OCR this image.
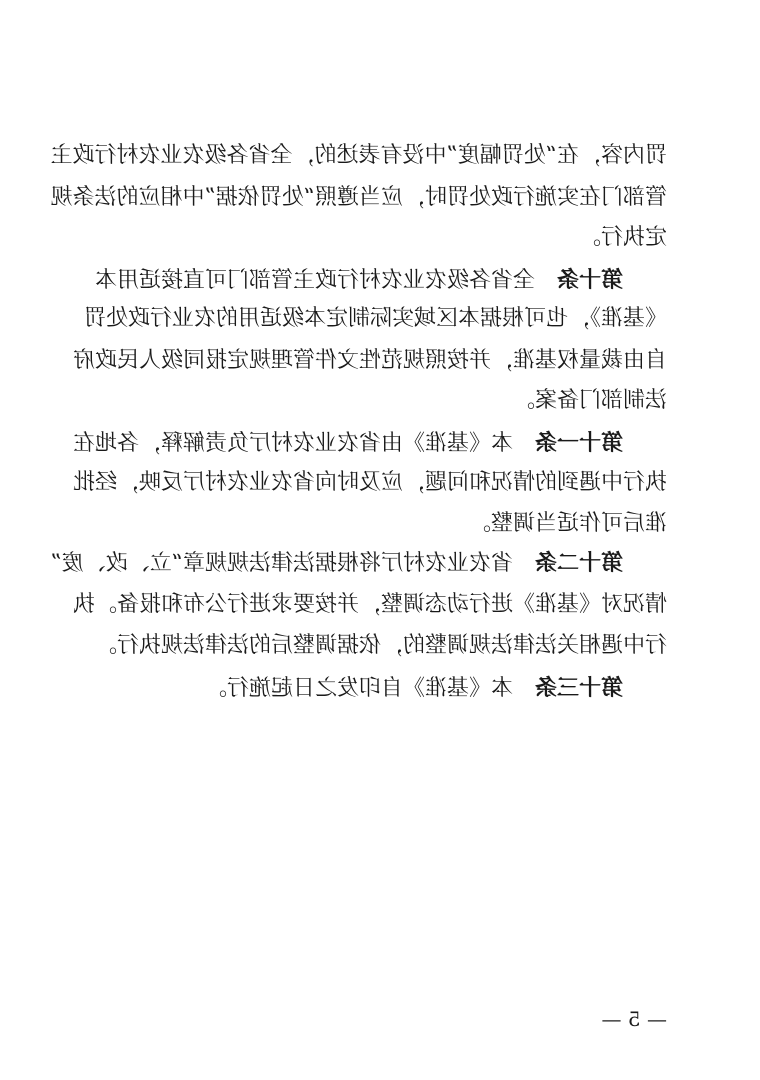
罚内容，在“处罚幅度”中没有表述的，全省各级农业农村行政主
管部门在实施行政处罚时，应当遵照“处罚依据”中相应的法条规
定执行。
第十条全省各级农业农村行政主管部门可直接适用本
《基准》，也可根据本区域实际制定本级适用的农业行政处罚
自由裁量权基准，并按照规范性文件管理规定报同级人民政府
法制部门备案。
第十一条本《基准》由省农业农村厅负责解释，各地在
执行中遇到的情况和问题，应及时向省农业农村厅反映，经批
准后可作适当调整。
第十二条省农业农村厅将根据法律法规规章“立、改、废”
情况对《基准》进行动态调整，并按要求进行公布和报备。执
行中遇相关法律法规调整的，依据调整后的法律法规执行。
第十三条本《基准》自印发之日起施行。
— 5 —
